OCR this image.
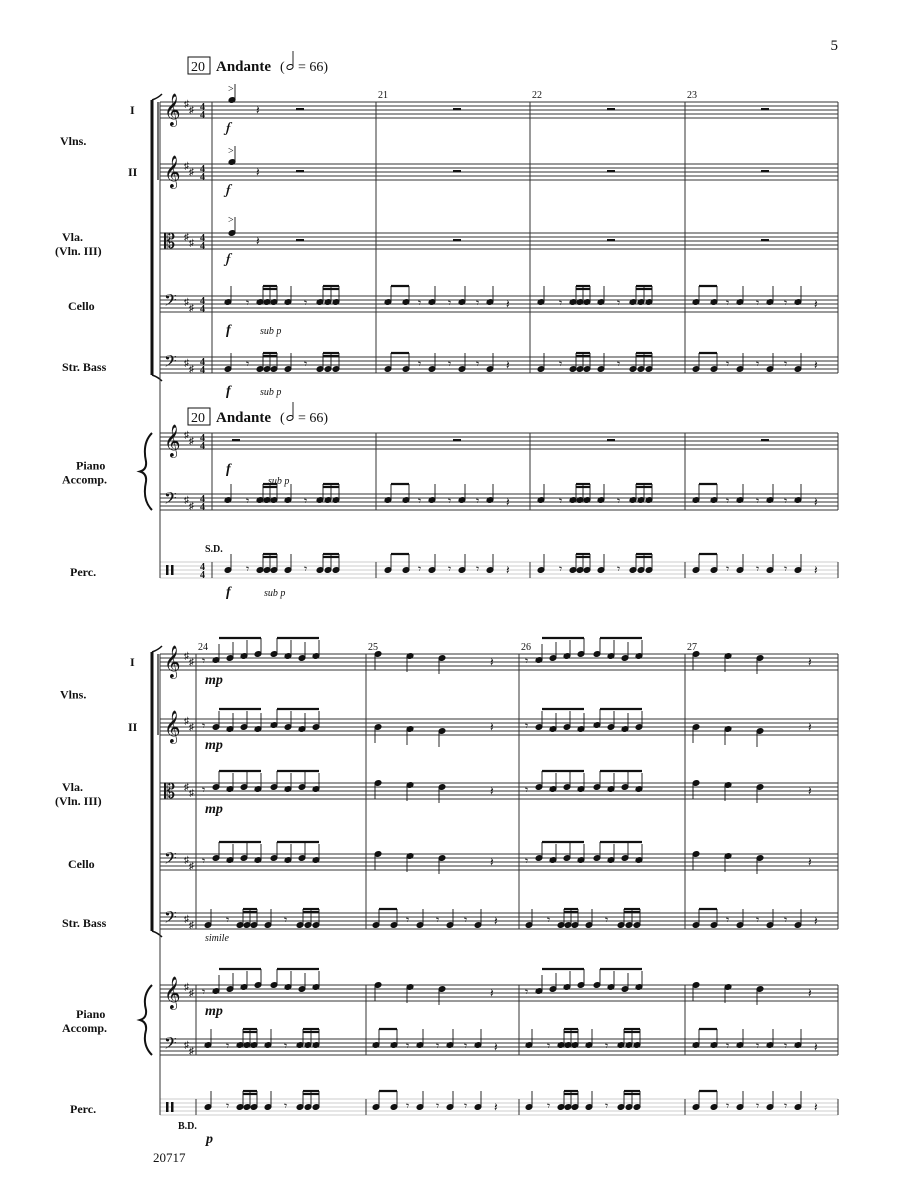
𝄞 ♯
♯ 4
4
>
𝄽
𝆑
𝄞 ♯
♯ 4
4
>
𝄽
𝆑
𝄡 ♯
♯ 4
4
>
𝄽
𝆑
𝄢 ♯
♯
4
4	𝄾	𝄾	𝄾 𝄾 𝄾 𝄽	𝄾	𝄾	𝄾 𝄾 𝄾 𝄽
𝄢 ♯
♯
4
4	𝄾	𝄾	𝄾 𝄾 𝄾 𝄽	𝄾	𝄾	𝄾 𝄾 𝄾 𝄽
𝄞 ♯
♯ 4
4
𝄢 ♯
♯
4
4	𝄾	𝄾	𝄾 𝄾 𝄾 𝄽	𝄾	𝄾	𝄾 𝄾 𝄾 𝄽
4
4	𝄾	𝄾	𝄾 𝄾 𝄾 𝄽	𝄾	𝄾	𝄾 𝄾 𝄾 𝄽
f	sub p
f	sub p
f
sub p
f	sub p
S.D.
20 Andante ( = 66)
20 Andante ( = 66)
21	22	23
𝄞 ♯
♯ 𝄾	𝄾
𝄽	𝄽
𝄞 ♯
♯ 𝄾	𝄾
𝄽	𝄽
𝄡 ♯
♯ 𝄾	𝄾
𝄽	𝄽
𝄢 ♯
♯ 𝄾	𝄾
𝄽	𝄽
𝄢 ♯
♯	𝄾	𝄾	𝄾 𝄾 𝄾 𝄽	𝄾	𝄾	𝄾 𝄾 𝄾 𝄽
𝄞 ♯
♯ 𝄾	𝄾
𝄽	𝄽
𝄢 ♯
♯	𝄾	𝄾	𝄾 𝄾 𝄾 𝄽	𝄾	𝄾	𝄾 𝄾 𝄾 𝄽
𝄾	𝄾	𝄾 𝄾 𝄾 𝄽	𝄾	𝄾	𝄾 𝄾 𝄾 𝄽
mp
mp
mp
mp
simile
B.D.
p
24	25	26	27
Vlns.
I
II
Vla.
(Vln. III)
Cello
Str. Bass
Piano
Accomp.
Perc.
Vlns.
I
II
Vla.
(Vln. III)
Cello
Str. Bass
Piano
Accomp.
Perc.
5
20717
